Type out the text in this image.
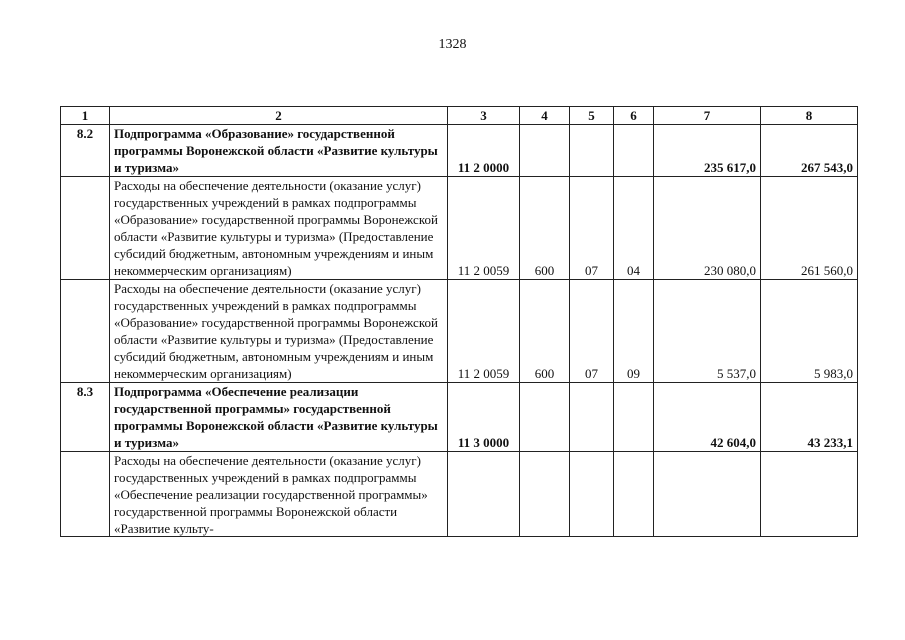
1328
1	2	3	4	5	6	7	8
8.2	Подпрограмма «Образование» государственной программы Воронежской области «Развитие культуры и туризма»	11 2 0000				235 617,0	267 543,0
	Расходы на обеспечение деятельности (оказание услуг) государственных учреждений в рамках подпрограммы «Образование» государственной программы Воронежской области «Развитие культуры и туризма» (Предоставление субсидий бюджетным, автономным учреждениям и иным некоммерческим организациям)	11 2 0059	600	07	04	230 080,0	261 560,0
	Расходы на обеспечение деятельности (оказание услуг) государственных учреждений в рамках подпрограммы «Образование» государственной программы Воронежской области «Развитие культуры и туризма» (Предоставление субсидий бюджетным, автономным учреждениям и иным некоммерческим организациям)	11 2 0059	600	07	09	5 537,0	5 983,0
8.3	Подпрограмма «Обеспечение реализации государственной программы» государственной программы Воронежской области «Развитие культуры и туризма»	11 3 0000				42 604,0	43 233,1

	Расходы на обеспечение деятельности (оказание услуг) государственных учреждений в рамках подпрограммы «Обеспечение реализации государственной программы» государственной программы Воронежской области «Развитие культу-						
